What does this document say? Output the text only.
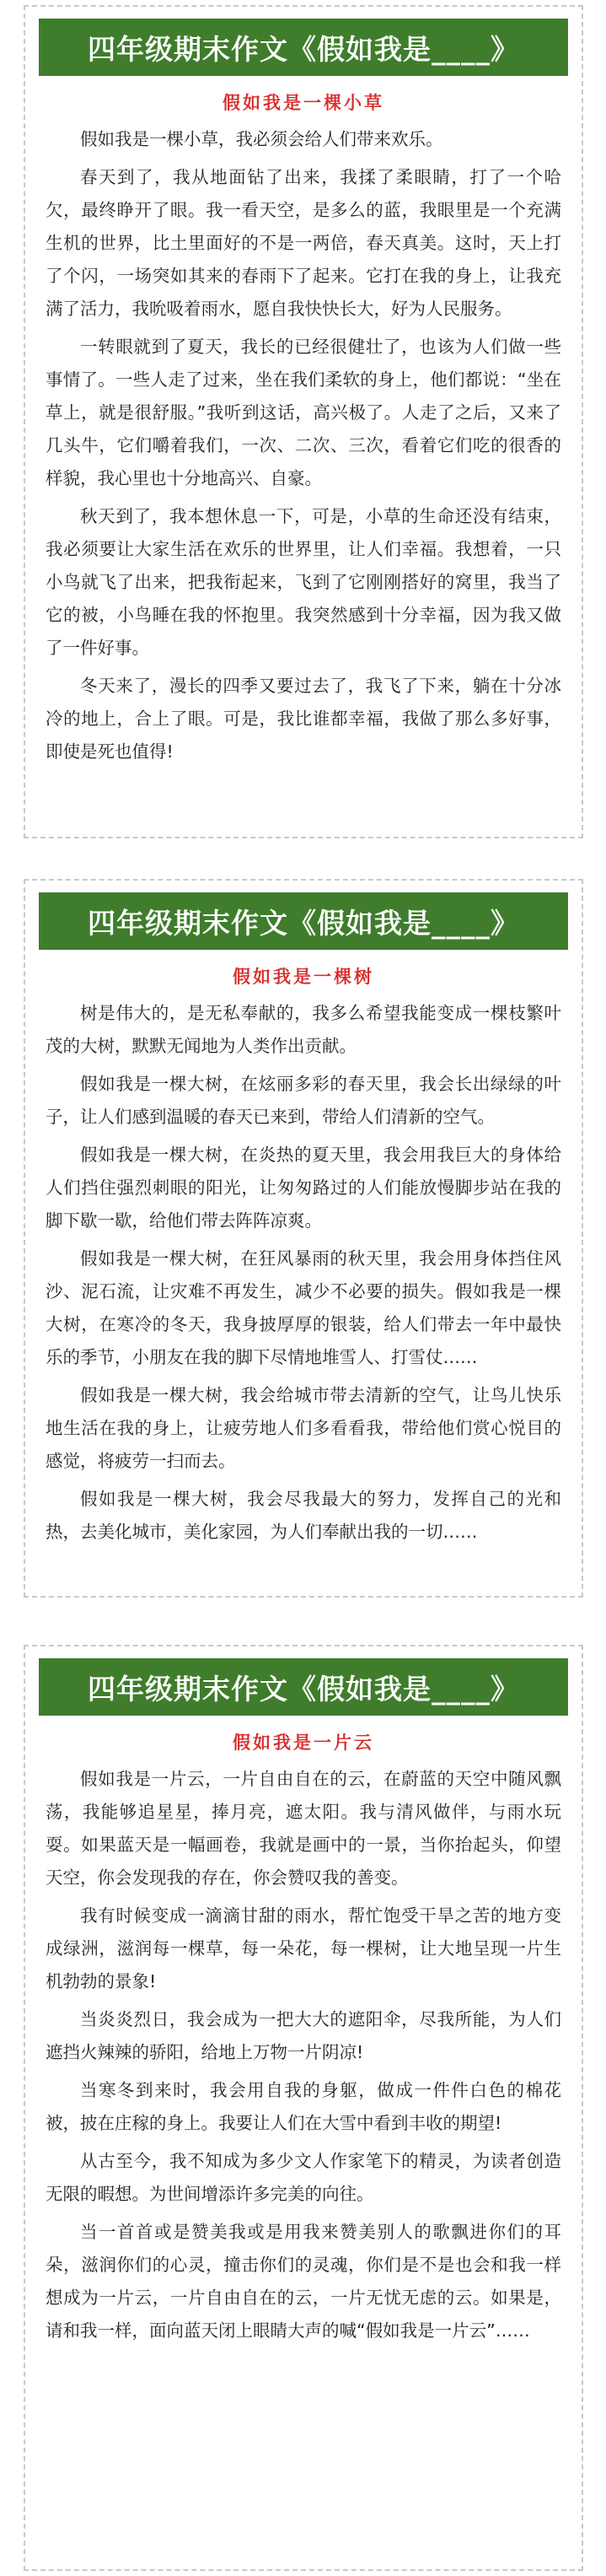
四年级期末作文《假如我是____》
假如我是一棵小草

假如我是一棵小草，我必须会给人们带来欢乐。

春天到了，我从地面钻了出来，我揉了柔眼睛，打了一个哈欠，最终睁开了眼。我一看天空，是多么的蓝，我眼里是一个充满生机的世界，比土里面好的不是一两倍，春天真美。这时，天上打了个闪，一场突如其来的春雨下了起来。它打在我的身上，让我充满了活力，我吮吸着雨水，愿自我快快长大，好为人民服务。

一转眼就到了夏天，我长的已经很健壮了，也该为人们做一些事情了。一些人走了过来，坐在我们柔软的身上，他们都说：“坐在草上，就是很舒服。”我听到这话，高兴极了。人走了之后，又来了几头牛，它们嚼着我们，一次、二次、三次，看着它们吃的很香的样貌，我心里也十分地高兴、自豪。

秋天到了，我本想休息一下，可是，小草的生命还没有结束，我必须要让大家生活在欢乐的世界里，让人们幸福。我想着，一只小鸟就飞了出来，把我衔起来，飞到了它刚刚搭好的窝里，我当了它的被，小鸟睡在我的怀抱里。我突然感到十分幸福，因为我又做了一件好事。

冬天来了，漫长的四季又要过去了，我飞了下来，躺在十分冰冷的地上，合上了眼。可是，我比谁都幸福，我做了那么多好事，即使是死也值得!

四年级期末作文《假如我是____》
假如我是一棵树

树是伟大的，是无私奉献的，我多么希望我能变成一棵枝繁叶茂的大树，默默无闻地为人类作出贡献。

假如我是一棵大树，在炫丽多彩的春天里，我会长出绿绿的叶子，让人们感到温暖的春天已来到，带给人们清新的空气。

假如我是一棵大树，在炎热的夏天里，我会用我巨大的身体给人们挡住强烈刺眼的阳光，让匆匆路过的人们能放慢脚步站在我的脚下歇一歇，给他们带去阵阵凉爽。

假如我是一棵大树，在狂风暴雨的秋天里，我会用身体挡住风沙、泥石流，让灾难不再发生，减少不必要的损失。假如我是一棵大树，在寒冷的冬天，我身披厚厚的银装，给人们带去一年中最快乐的季节，小朋友在我的脚下尽情地堆雪人、打雪仗……

假如我是一棵大树，我会给城市带去清新的空气，让鸟儿快乐地生活在我的身上，让疲劳地人们多看看我，带给他们赏心悦目的感觉，将疲劳一扫而去。

假如我是一棵大树，我会尽我最大的努力，发挥自己的光和热，去美化城市，美化家园，为人们奉献出我的一切……

四年级期末作文《假如我是____》
假如我是一片云

假如我是一片云，一片自由自在的云，在蔚蓝的天空中随风飘荡，我能够追星星，捧月亮，遮太阳。我与清风做伴，与雨水玩耍。如果蓝天是一幅画卷，我就是画中的一景，当你抬起头，仰望天空，你会发现我的存在，你会赞叹我的善变。

我有时候变成一滴滴甘甜的雨水，帮忙饱受干旱之苦的地方变成绿洲，滋润每一棵草，每一朵花，每一棵树，让大地呈现一片生机勃勃的景象!

当炎炎烈日，我会成为一把大大的遮阳伞，尽我所能，为人们遮挡火辣辣的骄阳，给地上万物一片阴凉!

当寒冬到来时，我会用自我的身躯，做成一件件白色的棉花被，披在庄稼的身上。我要让人们在大雪中看到丰收的期望!

从古至今，我不知成为多少文人作家笔下的精灵，为读者创造无限的暇想。为世间增添许多完美的向往。

当一首首或是赞美我或是用我来赞美别人的歌飘进你们的耳朵，滋润你们的心灵，撞击你们的灵魂，你们是不是也会和我一样想成为一片云，一片自由自在的云，一片无忧无虑的云。如果是，请和我一样，面向蓝天闭上眼睛大声的喊“假如我是一片云”……
